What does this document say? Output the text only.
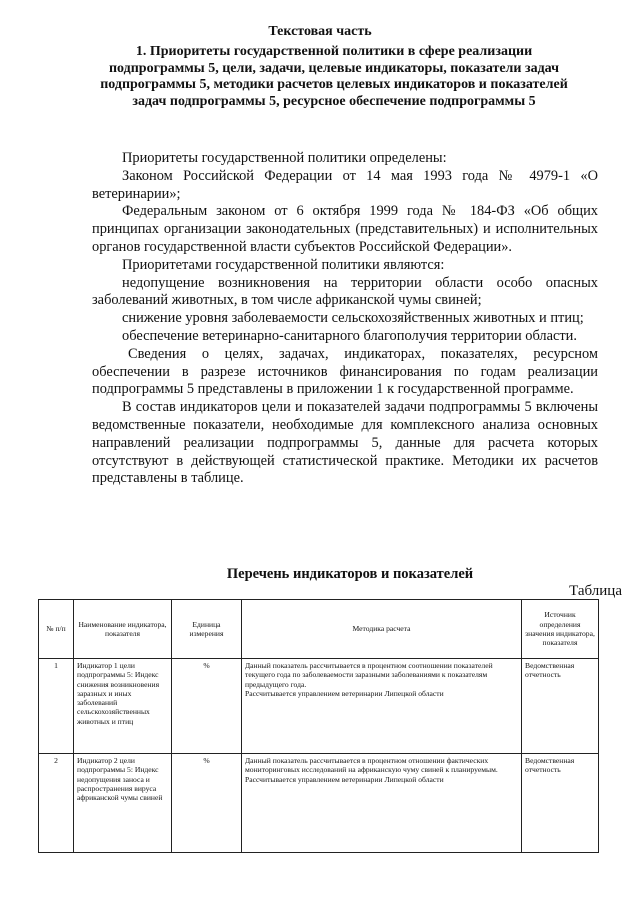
Текстовая часть
1. Приоритеты государственной политики в сфере реализации подпрограммы 5, цели, задачи, целевые индикаторы, показатели задач подпрограммы 5, методики расчетов целевых индикаторов и показателей задач подпрограммы 5, ресурсное обеспечение подпрограммы 5

Приоритеты государственной политики определены:

Законом Российской Федерации от 14 мая 1993 года № 4979-1 «О ветеринарии»;

Федеральным законом от 6 октября 1999 года № 184-ФЗ «Об общих принципах организации законодательных (представительных) и исполнительных органов государственной власти субъектов Российской Федерации».

Приоритетами государственной политики являются:

недопущение возникновения на территории области особо опасных заболеваний животных, в том числе африканской чумы свиней;

снижение уровня заболеваемости сельскохозяйственных животных и птиц;

обеспечение ветеринарно-санитарного благополучия территории области.

Сведения о целях, задачах, индикаторах, показателях, ресурсном обеспечении в разрезе источников финансирования по годам реализации подпрограммы 5 представлены в приложении 1 к государственной программе.

В состав индикаторов цели и показателей задачи подпрограммы 5 включены ведомственные показатели, необходимые для комплексного анализа основных направлений реализации подпрограммы 5, данные для расчета которых отсутствуют в действующей статистической практике. Методики их расчетов представлены в таблице.

Перечень индикаторов и показателей
Таблица
№ п/п	Наименование индикатора, показателя	Единица измерения	Методика расчета	Источник определения значения индикатора, показателя
1	Индикатор 1 цели подпрограммы 5: Индекс снижения возникновения заразных и иных заболеваний сельскохозяйственных животных и птиц	%	Данный показатель рассчитывается в процентном соотношении показателей текущего года по заболеваемости заразными заболеваниями к показателям предыдущего года.
Рассчитывается управлением ветеринарии Липецкой области	Ведомственная отчетность
2	Индикатор 2 цели подпрограммы 5: Индекс недопущения заноса и распространения вируса африканской чумы свиней	%	Данный показатель рассчитывается в процентном отношении фактических мониторинговых исследований на африканскую чуму свиней к планируемым.
Рассчитывается управлением ветеринарии Липецкой области	Ведомственная отчетность
